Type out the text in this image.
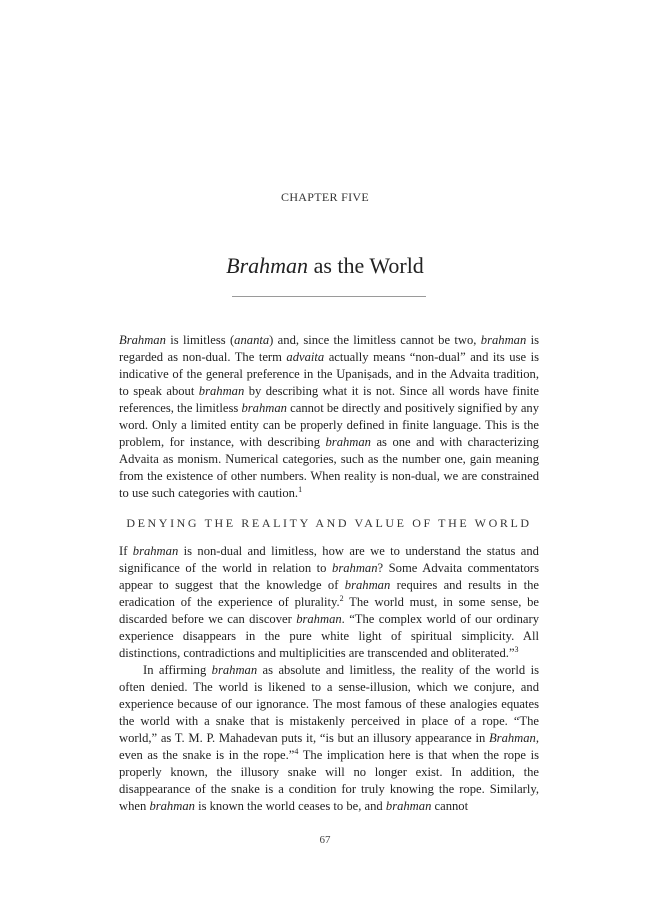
CHAPTER FIVE
Brahman as the World

Brahman is limitless (ananta) and, since the limitless cannot be two, brahman is regarded as non-dual. The term advaita actually means “non-dual” and its use is indicative of the general preference in the Upaniṣads, and in the Advaita tradition, to speak about brahman by describing what it is not. Since all words have finite references, the limitless brahman cannot be directly and positively signified by any word. Only a limited entity can be properly defined in finite language. This is the problem, for instance, with describing brahman as one and with characterizing Advaita as monism. Numerical categories, such as the number one, gain meaning from the existence of other numbers. When reality is non-dual, we are constrained to use such categories with caution.$^1$

DENYING THE REALITY AND VALUE OF THE WORLD

If brahman is non-dual and limitless, how are we to understand the status and significance of the world in relation to brahman? Some Advaita commentators appear to suggest that the knowledge of brahman requires and results in the eradication of the experience of plurality.$^2$ The world must, in some sense, be discarded before we can discover brahman. “The complex world of our ordinary experience disappears in the pure white light of spiritual simplicity. All distinctions, contradictions and multiplicities are transcended and obliterated.”$^3$

In affirming brahman as absolute and limitless, the reality of the world is often denied. The world is likened to a sense-illusion, which we conjure, and experience because of our ignorance. The most famous of these analogies equates the world with a snake that is mistakenly perceived in place of a rope. “The world,” as T. M. P. Mahadevan puts it, “is but an illusory appearance in Brahman, even as the snake is in the rope.”$^4$ The implication here is that when the rope is properly known, the illusory snake will no longer exist. In addition, the disappearance of the snake is a condition for truly knowing the rope. Similarly, when brahman is known the world ceases to be, and brahman cannot

67
